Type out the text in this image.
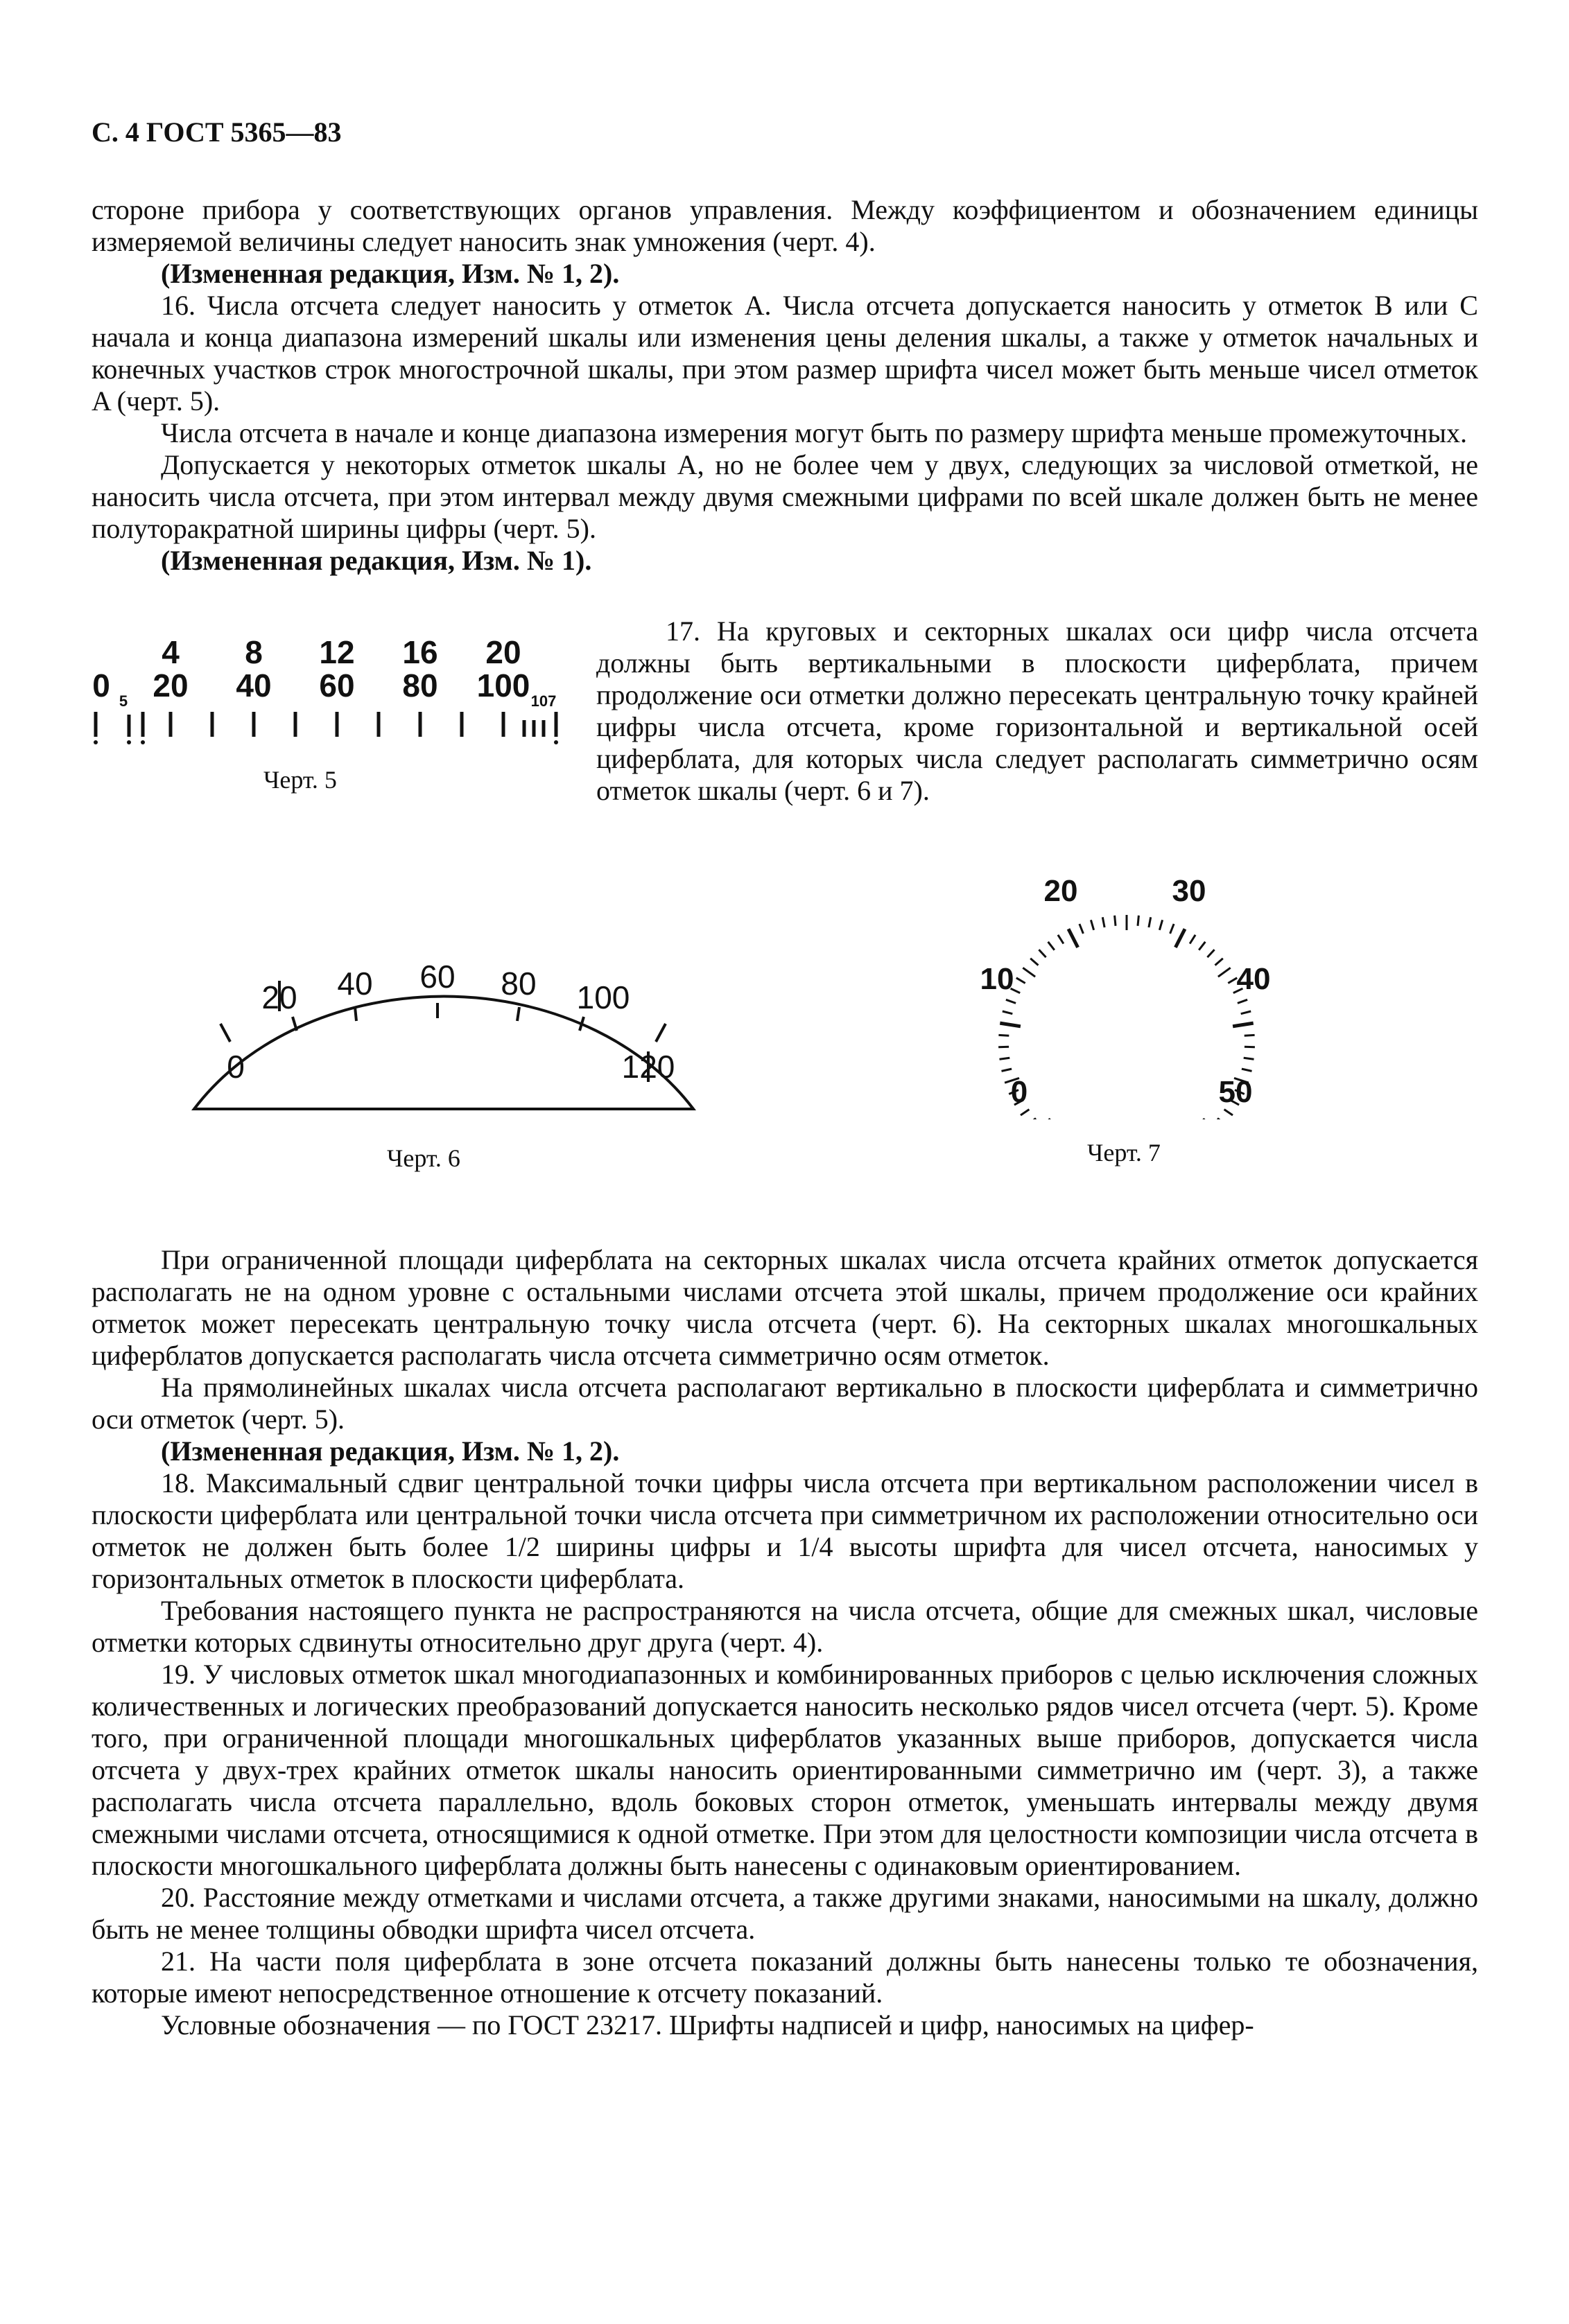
С. 4 ГОСТ 5365—83

стороне прибора у соответствующих органов управления. Между коэффициентом и обозначением единицы измеряемой величины следует наносить знак умножения (черт. 4).

(Измененная редакция, Изм. № 1, 2).

16. Числа отсчета следует наносить у отметок A. Числа отсчета допускается наносить у отметок B или C начала и конца диапазона измерений шкалы или изменения цены деления шкалы, а также у отметок начальных и конечных участков строк многострочной шкалы, при этом размер шрифта чисел может быть меньше чисел отметок A (черт. 5).

Числа отсчета в начале и конце диапазона измерения могут быть по размеру шрифта меньше промежуточных.

Допускается у некоторых отметок шкалы A, но не более чем у двух, следующих за числовой отметкой, не наносить числа отсчета, при этом интервал между двумя смежными цифрами по всей шкале должен быть не менее полуторакратной ширины цифры (черт. 5).

(Измененная редакция, Изм. № 1).

17. На круговых и секторных шкалах оси цифр числа отсчета должны быть вертикальными в плоскости циферблата, причем продолжение оси отметки должно пересекать центральную точку крайней цифры числа отсчета, кроме горизонтальной и вертикальной осей циферблата, для которых числа следует располагать симметрично осям отметок шкалы (черт. 6 и 7).

4 8 12 16 20
0 20 40 60 80 100
5	107
Черт. 5
0
20 40 60 80 100
120
Черт. 6
0
10
20	30
40
50
Черт. 7

При ограниченной площади циферблата на секторных шкалах числа отсчета крайних отметок допускается располагать не на одном уровне с остальными числами отсчета этой шкалы, причем продолжение оси крайних отметок может пересекать центральную точку числа отсчета (черт. 6). На секторных шкалах многошкальных циферблатов допускается располагать числа отсчета симметрично осям отметок.

На прямолинейных шкалах числа отсчета располагают вертикально в плоскости циферблата и симметрично оси отметок (черт. 5).

(Измененная редакция, Изм. № 1, 2).

18. Максимальный сдвиг центральной точки цифры числа отсчета при вертикальном расположении чисел в плоскости циферблата или центральной точки числа отсчета при симметричном их расположении относительно оси отметок не должен быть более 1/2 ширины цифры и 1/4 высоты шрифта для чисел отсчета, наносимых у горизонтальных отметок в плоскости циферблата.

Требования настоящего пункта не распространяются на числа отсчета, общие для смежных шкал, числовые отметки которых сдвинуты относительно друг друга (черт. 4).

19. У числовых отметок шкал многодиапазонных и комбинированных приборов с целью исключения сложных количественных и логических преобразований допускается наносить несколько рядов чисел отсчета (черт. 5). Кроме того, при ограниченной площади многошкальных циферблатов указанных выше приборов, допускается числа отсчета у двух-трех крайних отметок шкалы наносить ориентированными симметрично им (черт. 3), а также располагать числа отсчета параллельно, вдоль боковых сторон отметок, уменьшать интервалы между двумя смежными числами отсчета, относящимися к одной отметке. При этом для целостности композиции числа отсчета в плоскости многошкального циферблата должны быть нанесены с одинаковым ориентированием.

20. Расстояние между отметками и числами отсчета, а также другими знаками, наносимыми на шкалу, должно быть не менее толщины обводки шрифта чисел отсчета.

21. На части поля циферблата в зоне отсчета показаний должны быть нанесены только те обозначения, которые имеют непосредственное отношение к отсчету показаний.

Условные обозначения — по ГОСТ 23217. Шрифты надписей и цифр, наносимых на цифер-
